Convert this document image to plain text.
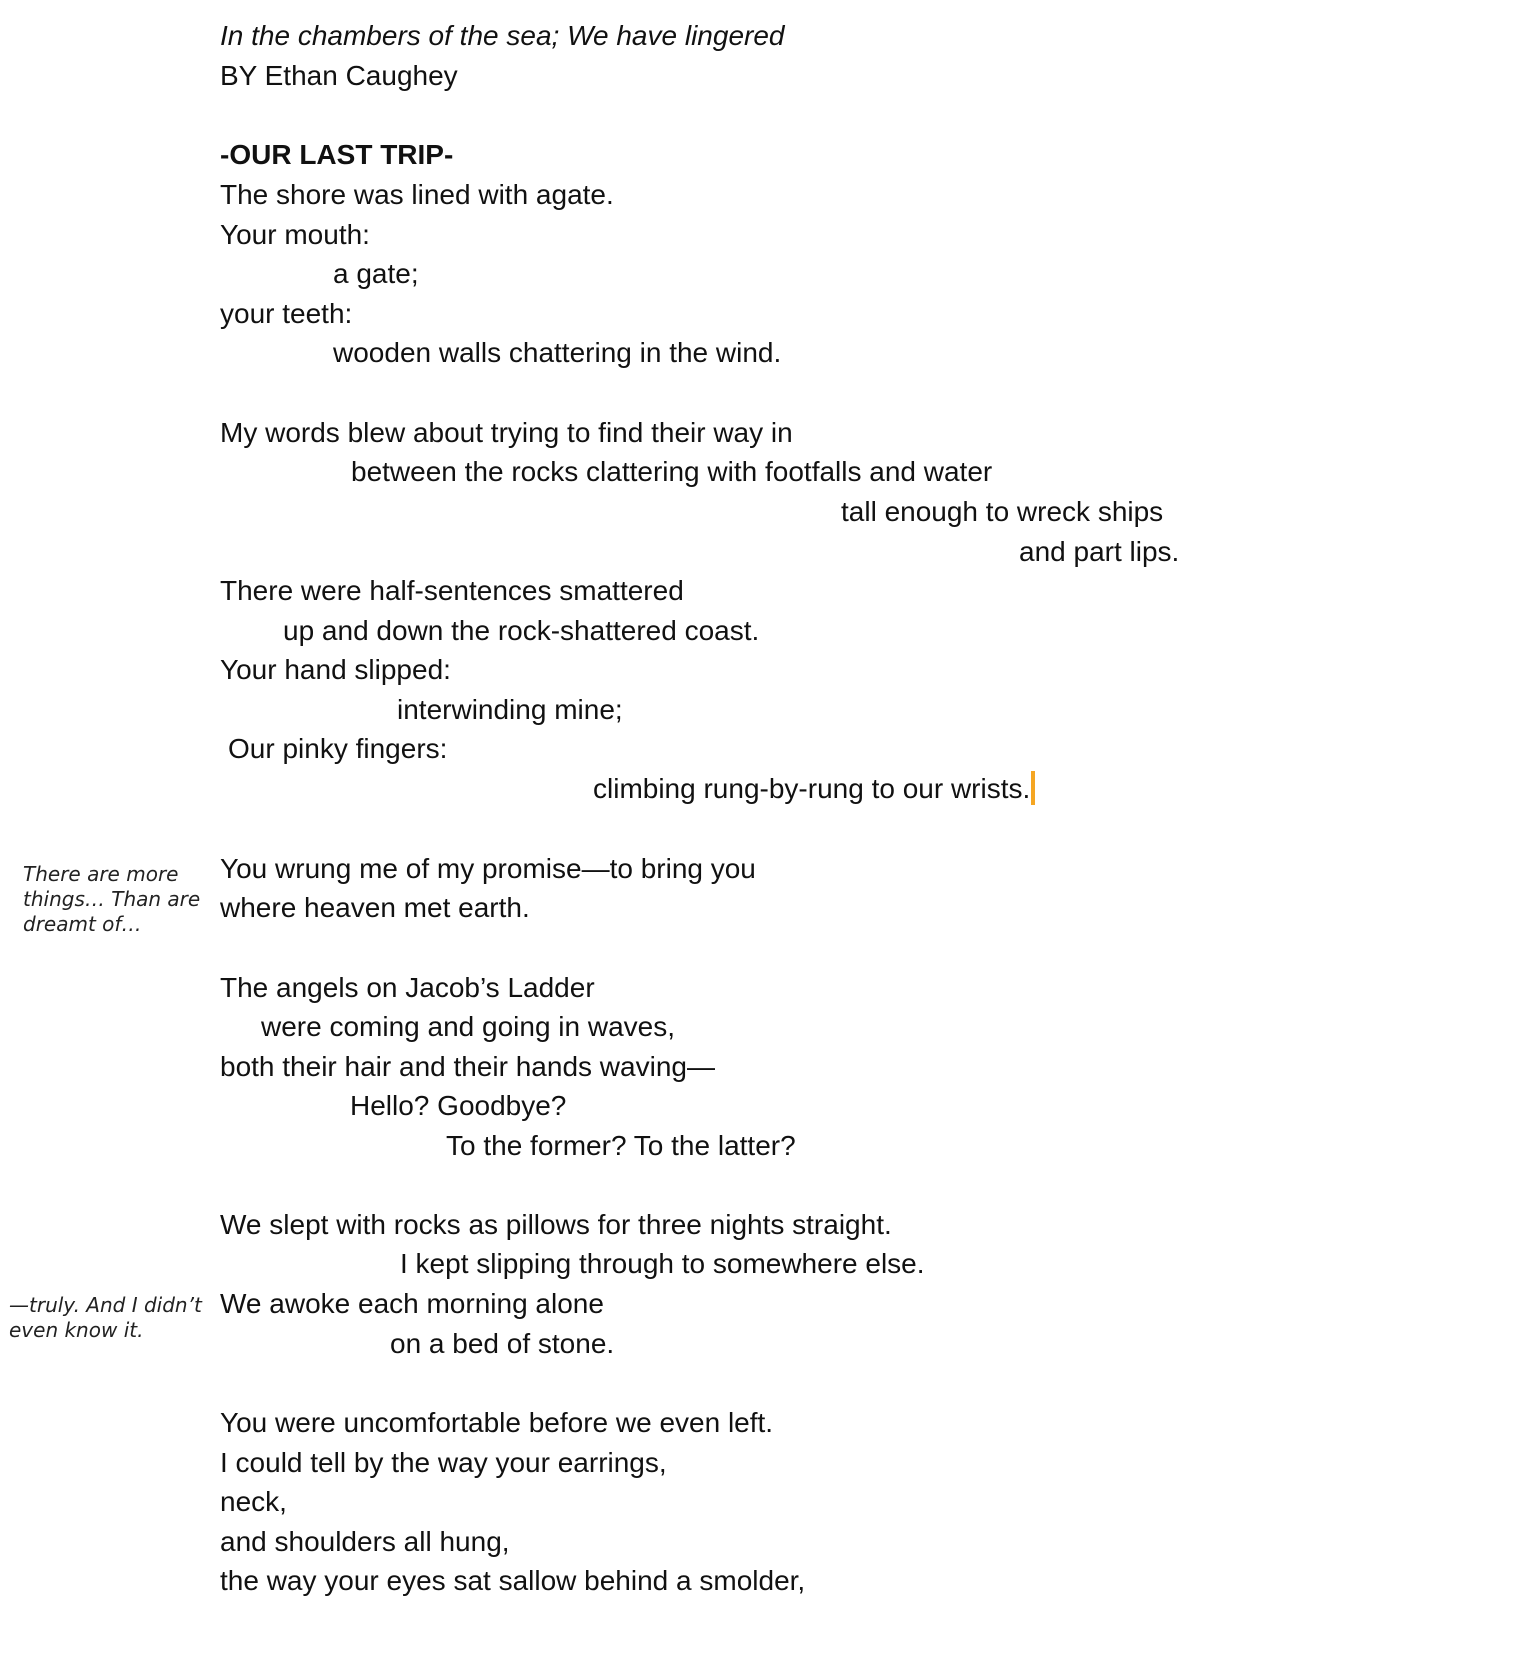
In the chambers of the sea; We have lingered
BY Ethan Caughey
-OUR LAST TRIP-
The shore was lined with agate.
Your mouth:
a gate;
your teeth:
wooden walls chattering in the wind.
My words blew about trying to find their way in
between the rocks clattering with footfalls and water
tall enough to wreck ships
and part lips.
There were half-sentences smattered
up and down the rock-shattered coast.
Your hand slipped:
interwinding mine;
Our pinky fingers:
climbing rung-by-rung to our wrists.
You wrung me of my promise—to bring you
where heaven met earth.
The angels on Jacob’s Ladder
were coming and going in waves,
both their hair and their hands waving—
Hello? Goodbye?
To the former? To the latter?
We slept with rocks as pillows for three nights straight.
I kept slipping through to somewhere else.
We awoke each morning alone
on a bed of stone.
You were uncomfortable before we even left.
I could tell by the way your earrings,
neck,
and shoulders all hung,
the way your eyes sat sallow behind a smolder,
There are more
things… Than are
dreamt of…
—truly. And I didn’t
even know it.
